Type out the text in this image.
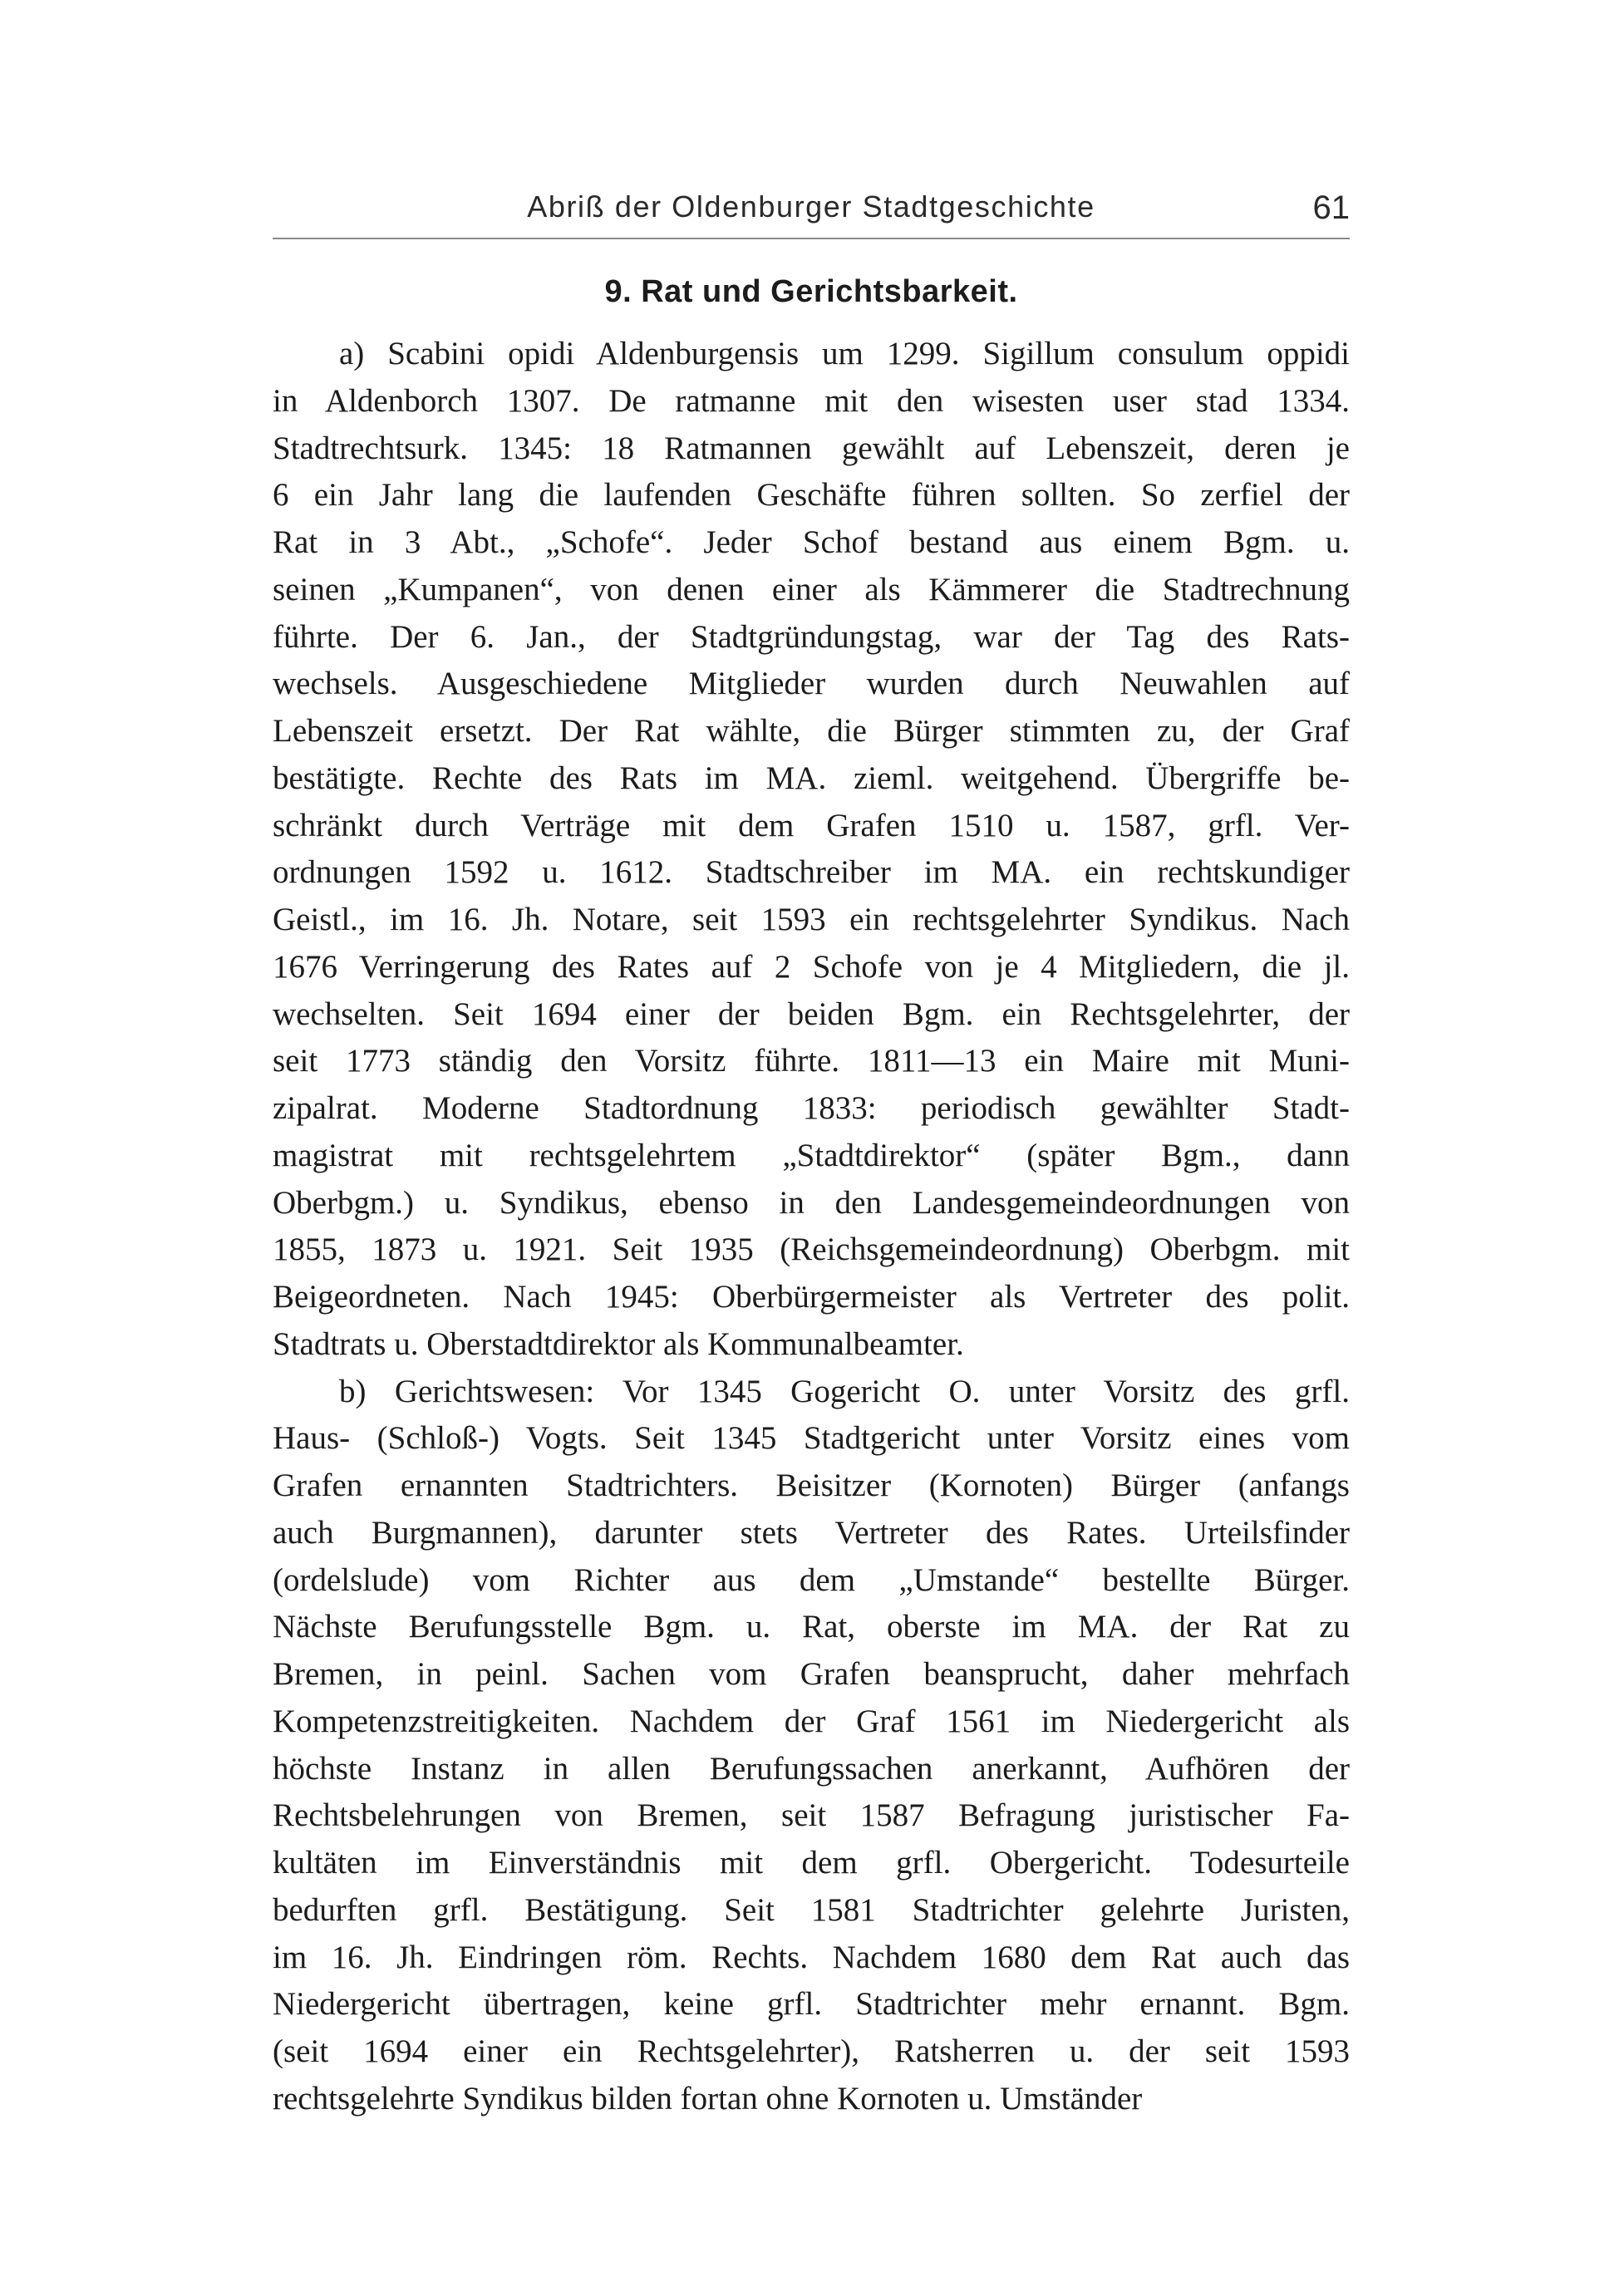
Abriß der Oldenburger Stadtgeschichte	61
9. Rat und Gerichtsbarkeit.
a) Scabini opidi Aldenburgensis um 1299. Sigillum consulum oppidi
in Aldenborch 1307. De ratmanne mit den wisesten user stad 1334.
Stadtrechtsurk. 1345: 18 Ratmannen gewählt auf Lebenszeit, deren je
6 ein Jahr lang die laufenden Geschäfte führen sollten. So zerfiel der
Rat in 3 Abt., „Schofe“. Jeder Schof bestand aus einem Bgm. u.
seinen „Kumpanen“, von denen einer als Kämmerer die Stadtrechnung
führte. Der 6. Jan., der Stadtgründungstag, war der Tag des Rats-
wechsels. Ausgeschiedene Mitglieder wurden durch Neuwahlen auf
Lebenszeit ersetzt. Der Rat wählte, die Bürger stimmten zu, der Graf
bestätigte. Rechte des Rats im MA. zieml. weitgehend. Übergriffe be-
schränkt durch Verträge mit dem Grafen 1510 u. 1587, grfl. Ver-
ordnungen 1592 u. 1612. Stadtschreiber im MA. ein rechtskundiger
Geistl., im 16. Jh. Notare, seit 1593 ein rechtsgelehrter Syndikus. Nach
1676 Verringerung des Rates auf 2 Schofe von je 4 Mitgliedern, die jl.
wechselten. Seit 1694 einer der beiden Bgm. ein Rechtsgelehrter, der
seit 1773 ständig den Vorsitz führte. 1811—13 ein Maire mit Muni-
zipalrat. Moderne Stadtordnung 1833: periodisch gewählter Stadt-
magistrat mit rechtsgelehrtem „Stadtdirektor“ (später Bgm., dann
Oberbgm.) u. Syndikus, ebenso in den Landesgemeindeordnungen von
1855, 1873 u. 1921. Seit 1935 (Reichsgemeindeordnung) Oberbgm. mit
Beigeordneten. Nach 1945: Oberbürgermeister als Vertreter des polit.
Stadtrats u. Oberstadtdirektor als Kommunalbeamter.
b) Gerichtswesen: Vor 1345 Gogericht O. unter Vorsitz des grfl.
Haus- (Schloß-) Vogts. Seit 1345 Stadtgericht unter Vorsitz eines vom
Grafen ernannten Stadtrichters. Beisitzer (Kornoten) Bürger (anfangs
auch Burgmannen), darunter stets Vertreter des Rates. Urteilsfinder
(ordelslude) vom Richter aus dem „Umstande“ bestellte Bürger.
Nächste Berufungsstelle Bgm. u. Rat, oberste im MA. der Rat zu
Bremen, in peinl. Sachen vom Grafen beansprucht, daher mehrfach
Kompetenzstreitigkeiten. Nachdem der Graf 1561 im Niedergericht als
höchste Instanz in allen Berufungssachen anerkannt, Aufhören der
Rechtsbelehrungen von Bremen, seit 1587 Befragung juristischer Fa-
kultäten im Einverständnis mit dem grfl. Obergericht. Todesurteile
bedurften grfl. Bestätigung. Seit 1581 Stadtrichter gelehrte Juristen,
im 16. Jh. Eindringen röm. Rechts. Nachdem 1680 dem Rat auch das
Niedergericht übertragen, keine grfl. Stadtrichter mehr ernannt. Bgm.
(seit 1694 einer ein Rechtsgelehrter), Ratsherren u. der seit 1593
rechtsgelehrte Syndikus bilden fortan ohne Kornoten u. Umständer
